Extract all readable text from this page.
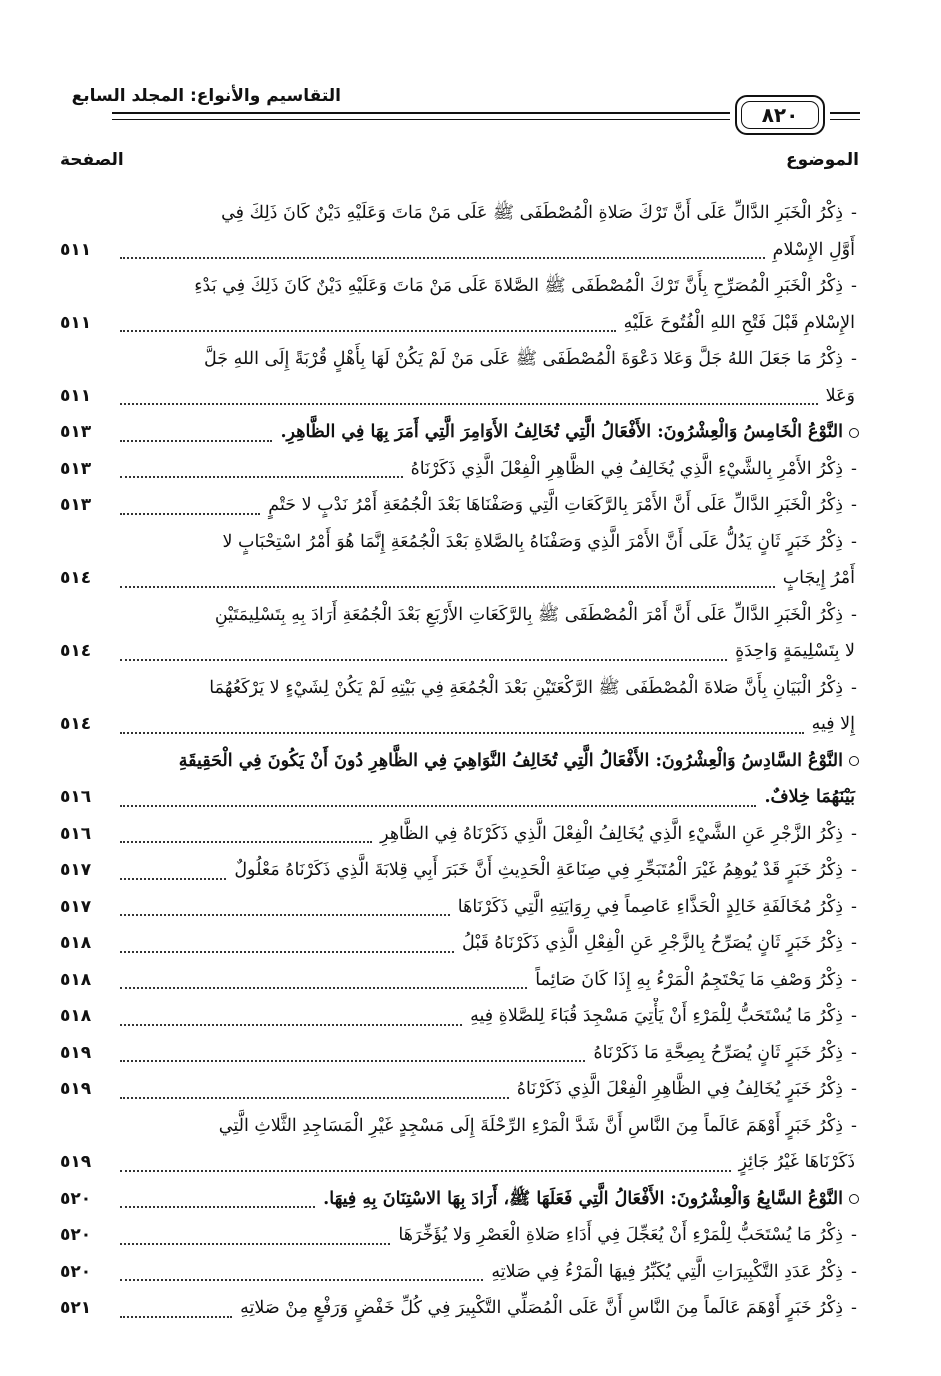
التقاسيم والأنواع: المجلد السابع
٨٢٠
الموضوع
الصفحة
-ذِكْرُ الْخَبَرِ الدَّالِّ عَلَى أَنَّ تَرْكَ صَلاةِ الْمُصْطَفَى ﷺ عَلَى مَنْ مَاتَ وَعَلَيْهِ دَيْنٌ كَانَ ذَلِكَ فِي
أَوَّلِ الإِسْلامِ
٥١١
-ذِكْرُ الْخَبَرِ الْمُصَرِّحِ بِأَنَّ تَرْكَ الْمُصْطَفَى ﷺ الصَّلاةَ عَلَى مَنْ مَاتَ وَعَلَيْهِ دَيْنٌ كَانَ ذَلِكَ فِي بَدْءِ
الإِسْلامِ قَبْلَ فَتْحِ اللهِ الْفُتُوحَ عَلَيْهِ
٥١١
-ذِكْرُ مَا جَعَلَ اللهُ جَلَّ وَعَلا دَعْوَةَ الْمُصْطَفَى ﷺ عَلَى مَنْ لَمْ يَكُنْ لَهَا بِأَهْلٍ قُرْبَةً إِلَى اللهِ جَلَّ
وَعَلا
٥١١
النَّوْعُ الْخَامِسُ وَالْعِشْرُونَ: الأَفْعَالُ الَّتِي تُخَالِفُ الأَوَامِرَ الَّتِي أَمَرَ بِهَا فِي الظَّاهِرِ.
٥١٣
-ذِكْرُ الأَمْرِ بِالشَّيْءِ الَّذِي يُخَالِفُ فِي الظَّاهِرِ الْفِعْلَ الَّذِي ذَكَرْنَاهُ
٥١٣
-ذِكْرُ الْخَبَرِ الدَّالِّ عَلَى أَنَّ الأَمْرَ بِالرَّكَعَاتِ الَّتِي وَصَفْنَاهَا بَعْدَ الْجُمُعَةِ أَمْرُ نَدْبٍ لا حَتْمٍ
٥١٣
-ذِكْرُ خَبَرٍ ثَانٍ يَدُلُّ عَلَى أَنَّ الأَمْرَ الَّذِي وَصَفْنَاهُ بِالصَّلاةِ بَعْدَ الْجُمُعَةِ إِنَّمَا هُوَ أَمْرُ اسْتِحْبَابٍ لا
أَمْرُ إِيجَابٍ
٥١٤
-ذِكْرُ الْخَبَرِ الدَّالِّ عَلَى أَنَّ أَمْرَ الْمُصْطَفَى ﷺ بِالرَّكَعَاتِ الأَرْبَعِ بَعْدَ الْجُمُعَةِ أَرَادَ بِهِ بِتَسْلِيمَتَيْنِ
لا بِتَسْلِيمَةٍ وَاحِدَةٍ
٥١٤
-ذِكْرُ الْبَيَانِ بِأَنَّ صَلاةَ الْمُصْطَفَى ﷺ الرَّكْعَتَيْنِ بَعْدَ الْجُمُعَةِ فِي بَيْتِهِ لَمْ يَكُنْ لِشَيْءٍ لا يَرْكَعُهُمَا
إِلا فِيهِ
٥١٤
النَّوْعُ السَّادِسُ وَالْعِشْرُونَ: الأَفْعَالُ الَّتِي تُخَالِفُ النَّوَاهِيَ فِي الظَّاهِرِ دُونَ أَنْ يَكُونَ فِي الْحَقِيقَةِ
بَيْنَهُمَا خِلافٌ.
٥١٦
-ذِكْرُ الزَّجْرِ عَنِ الشَّيْءِ الَّذِي يُخَالِفُ الْفِعْلَ الَّذِي ذَكَرْنَاهُ فِي الظَّاهِرِ
٥١٦
-ذِكْرُ خَبَرٍ قَدْ يُوهِمُ غَيْرَ الْمُتَبَحِّرِ فِي صِنَاعَةِ الْحَدِيثِ أَنَّ خَبَرَ أَبِي قِلابَةَ الَّذِي ذَكَرْنَاهُ مَعْلُولٌ
٥١٧
-ذِكْرُ مُخَالَفَةِ خَالِدٍ الْحَذَّاءِ عَاصِماً فِي رِوَايَتِهِ الَّتِي ذَكَرْنَاهَا
٥١٧
-ذِكْرُ خَبَرٍ ثَانٍ يُصَرِّحُ بِالزَّجْرِ عَنِ الْفِعْلِ الَّذِي ذَكَرْنَاهُ قَبْلُ
٥١٨
-ذِكْرُ وَصْفِ مَا يَحْتَجِمُ الْمَرْءُ بِهِ إِذَا كَانَ صَائِماً
٥١٨
-ذِكْرُ مَا يُسْتَحَبُّ لِلْمَرْءِ أَنْ يَأْتِيَ مَسْجِدَ قُبَاءَ لِلصَّلاةِ فِيهِ
٥١٨
-ذِكْرُ خَبَرٍ ثَانٍ يُصَرِّحُ بِصِحَّةِ مَا ذَكَرْنَاهُ
٥١٩
-ذِكْرُ خَبَرٍ يُخَالِفُ فِي الظَّاهِرِ الْفِعْلَ الَّذِي ذَكَرْنَاهُ
٥١٩
-ذِكْرُ خَبَرٍ أَوْهَمَ عَالَماً مِنَ النَّاسِ أَنَّ شَدَّ الْمَرْءِ الرِّحْلَةَ إِلَى مَسْجِدٍ غَيْرِ الْمَسَاجِدِ الثَّلاثِ الَّتِي
ذَكَرْنَاهَا غَيْرُ جَائِزٍ
٥١٩
النَّوْعُ السَّابِعُ وَالْعِشْرُونَ: الأَفْعَالُ الَّتِي فَعَلَهَا ﷺ، أَرَادَ بِهَا الاسْتِنَانَ بِهِ فِيهَا.
٥٢٠
-ذِكْرُ مَا يُسْتَحَبُّ لِلْمَرْءِ أَنْ يُعَجِّلَ فِي أَدَاءِ صَلاةِ الْعَصْرِ وَلا يُؤَخِّرَهَا
٥٢٠
-ذِكْرُ عَدَدِ التَّكْبِيرَاتِ الَّتِي يُكَبِّرُ فِيهَا الْمَرْءُ فِي صَلاتِهِ
٥٢٠
-ذِكْرُ خَبَرٍ أَوْهَمَ عَالَماً مِنَ النَّاسِ أَنَّ عَلَى الْمُصَلِّي التَّكْبِيرَ فِي كُلِّ خَفْضٍ وَرَفْعٍ مِنْ صَلاتِهِ
٥٢١
